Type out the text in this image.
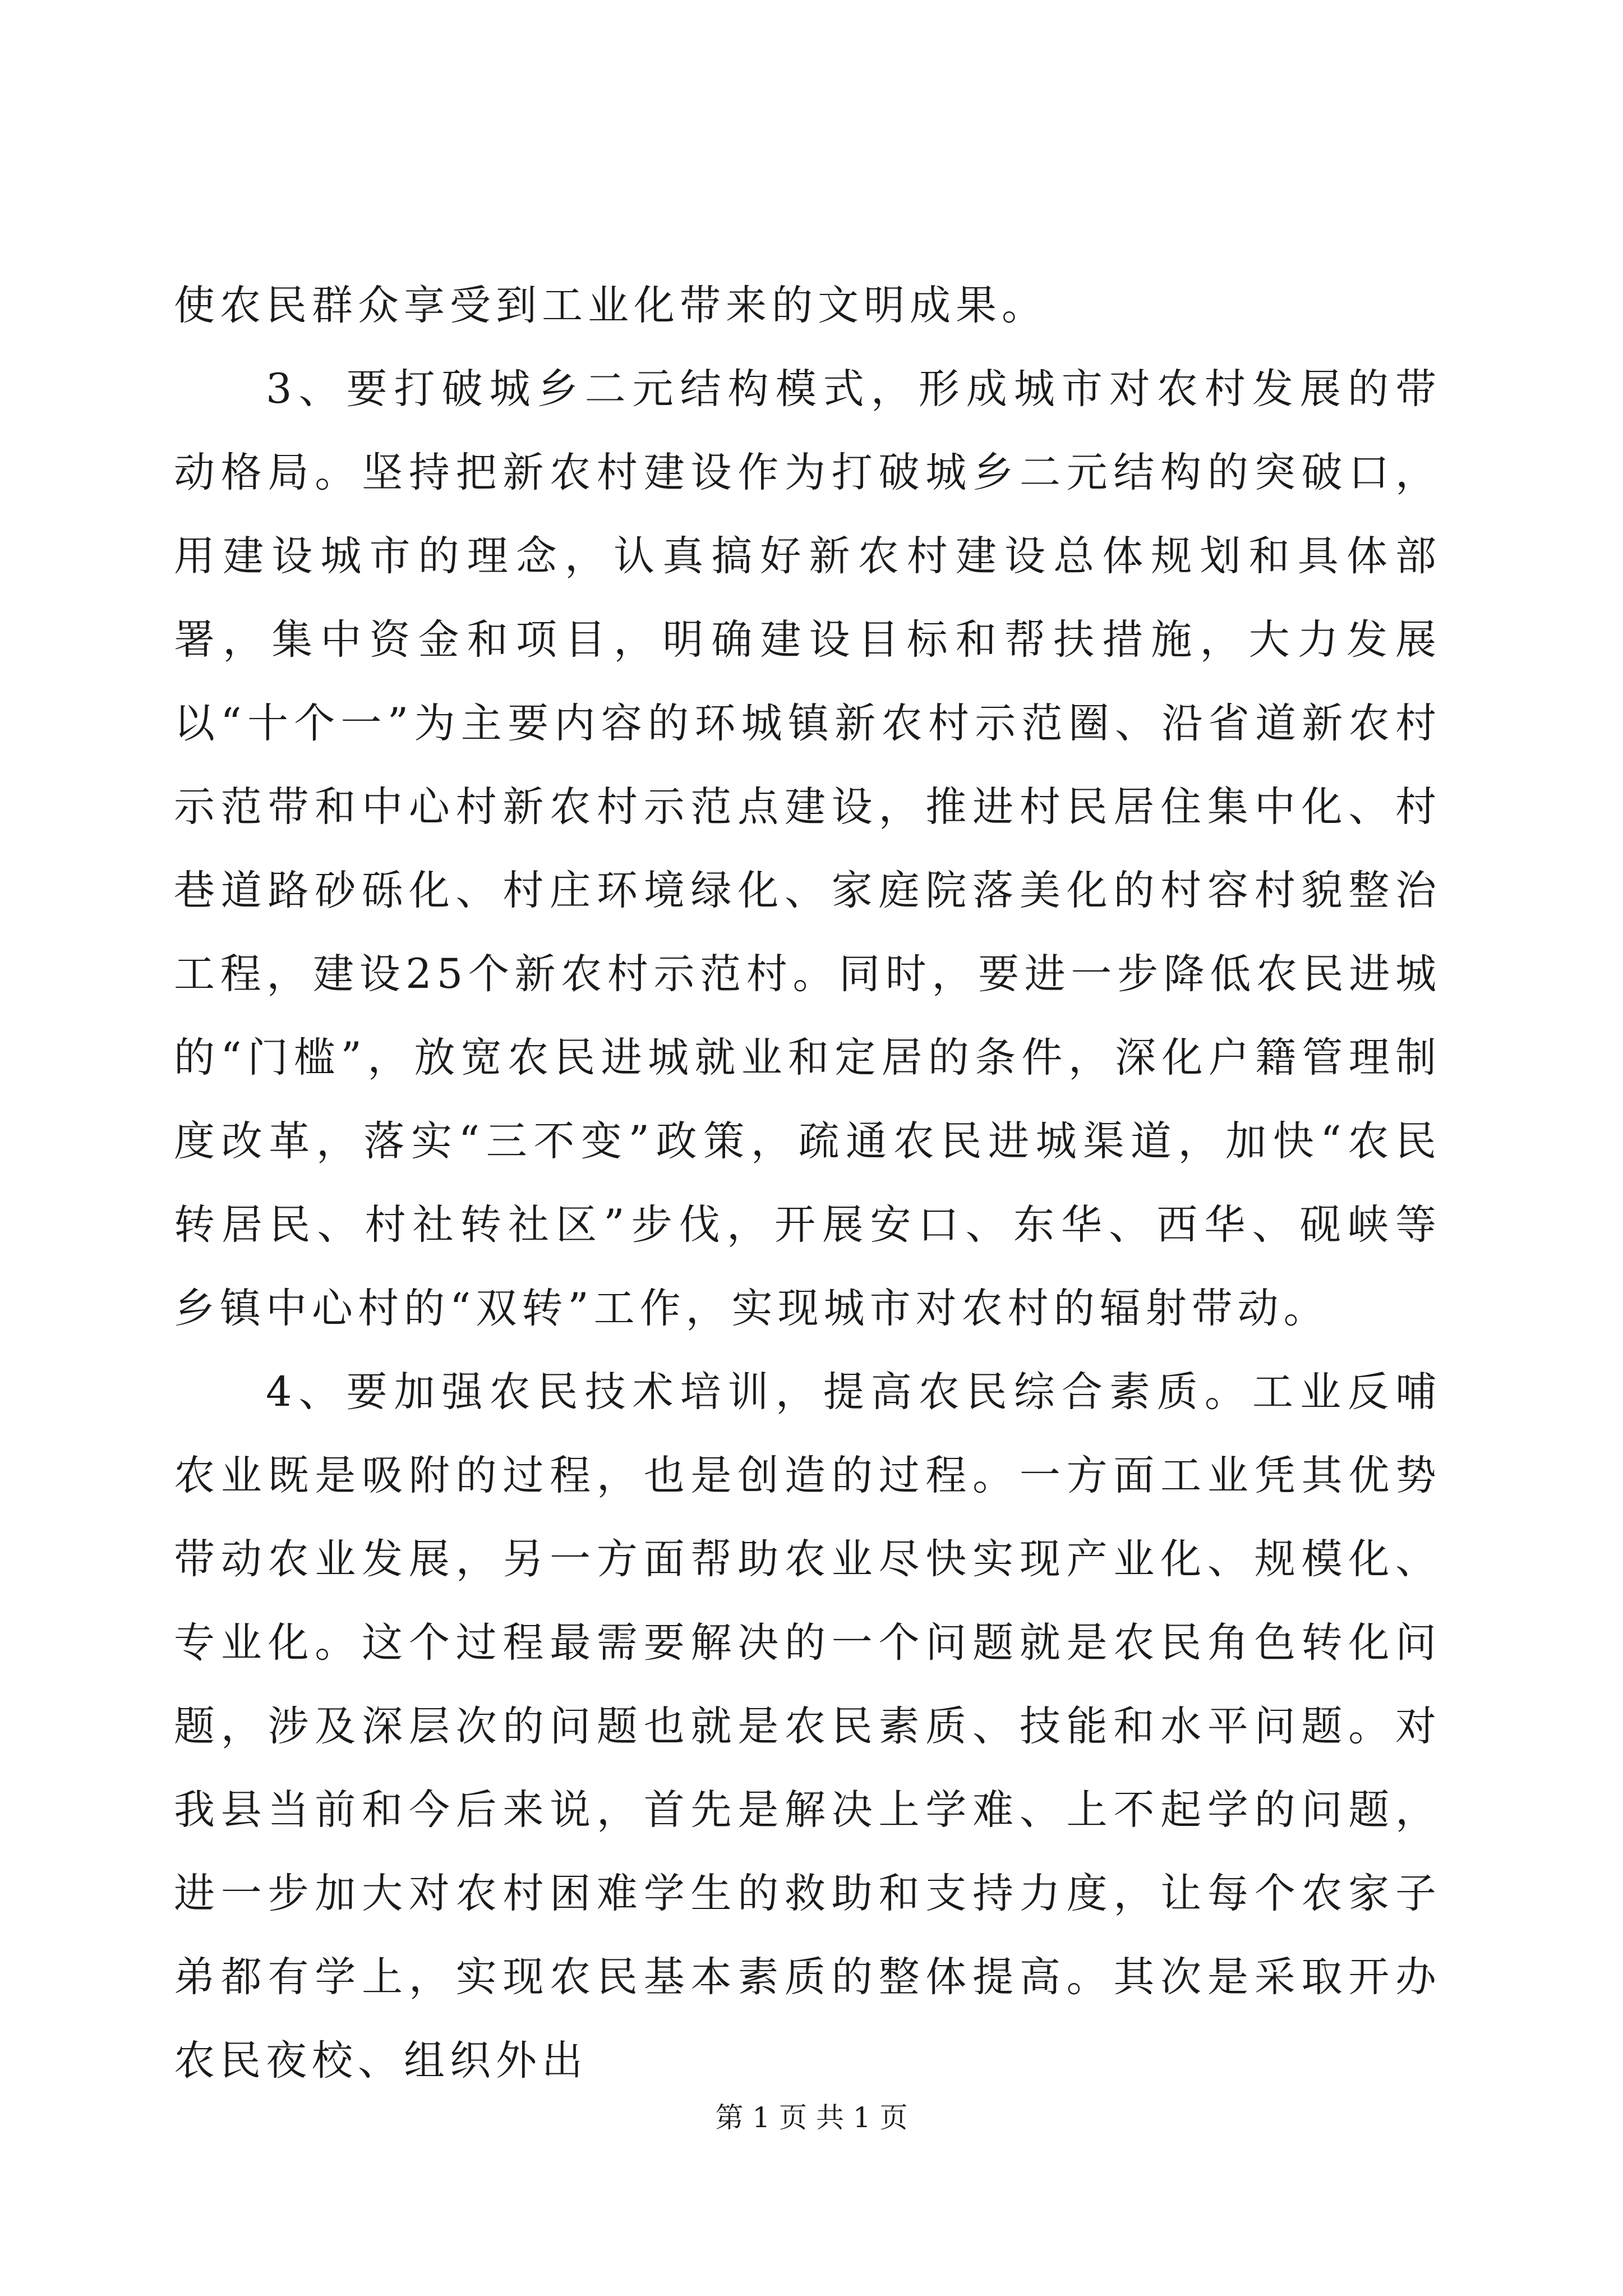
使农民群众享受到工业化带来的文明成果。

3、要打破城乡二元结构模式，形成城市对农村发展的带动格局。坚持把新农村建设作为打破城乡二元结构的突破口，用建设城市的理念，认真搞好新农村建设总体规划和具体部署，集中资金和项目，明确建设目标和帮扶措施，大力发展以“十个一”为主要内容的环城镇新农村示范圈、沿省道新农村示范带和中心村新农村示范点建设，推进村民居住集中化、村巷道路砂砾化、村庄环境绿化、家庭院落美化的村容村貌整治工程，建设25个新农村示范村。同时，要进一步降低农民进城的“门槛”，放宽农民进城就业和定居的条件，深化户籍管理制度改革，落实“三不变”政策，疏通农民进城渠道，加快“农民转居民、村社转社区”步伐，开展安口、东华、西华、砚峡等乡镇中心村的“双转”工作，实现城市对农村的辐射带动。

4、要加强农民技术培训，提高农民综合素质。工业反哺农业既是吸附的过程，也是创造的过程。一方面工业凭其优势带动农业发展，另一方面帮助农业尽快实现产业化、规模化、专业化。这个过程最需要解决的一个问题就是农民角色转化问题，涉及深层次的问题也就是农民素质、技能和水平问题。对我县当前和今后来说，首先是解决上学难、上不起学的问题，进一步加大对农村困难学生的救助和支持力度，让每个农家子弟都有学上，实现农民基本素质的整体提高。其次是采取开办农民夜校、组织外出

第 1 页 共 1 页
